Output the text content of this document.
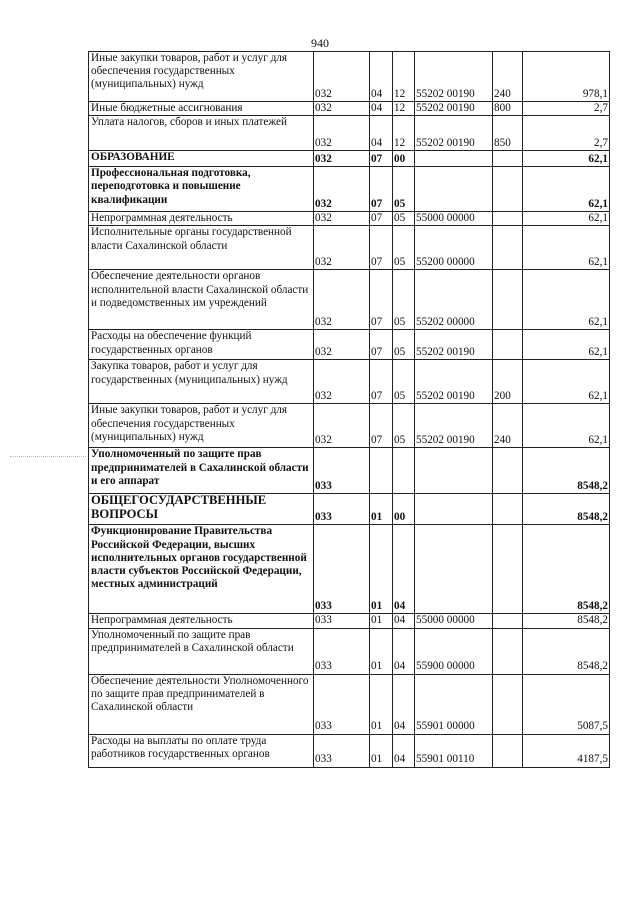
940
Иные закупки товаров, работ и услуг для обеспечения государственных (муниципальных) нужд	032	04	12	55202 00190	240	978,1
Иные бюджетные ассигнования	032	04	12	55202 00190	800	2,7
Уплата налогов, сборов и иных платежей	032	04	12	55202 00190	850	2,7
ОБРАЗОВАНИЕ	032	07	00			62,1
Профессиональная подготовка, переподготовка и повышение квалификации	032	07	05			62,1
Непрограммная деятельность	032	07	05	55000 00000		62,1
Исполнительные органы государственной власти Сахалинской области	032	07	05	55200 00000		62,1
Обеспечение деятельности органов исполнительной власти Сахалинской области и подведомственных им учреждений	032	07	05	55202 00000		62,1
Расходы на обеспечение функций государственных органов	032	07	05	55202 00190		62,1
Закупка товаров, работ и услуг для государственных (муниципальных) нужд	032	07	05	55202 00190	200	62,1
Иные закупки товаров, работ и услуг для обеспечения государственных (муниципальных) нужд	032	07	05	55202 00190	240	62,1
Уполномоченный по защите прав предпринимателей в Сахалинской области и его аппарат	033					8548,2
ОБЩЕГОСУДАРСТВЕННЫЕ ВОПРОСЫ	033	01	00			8548,2
Функционирование Правительства Российской Федерации, высших исполнительных органов государственной власти субъектов Российской Федерации, местных администраций	033	01	04			8548,2
Непрограммная деятельность	033	01	04	55000 00000		8548,2
Уполномоченный по защите прав предпринимателей в Сахалинской области	033	01	04	55900 00000		8548,2
Обеспечение деятельности Уполномоченного по защите прав предпринимателей в Сахалинской области	033	01	04	55901 00000		5087,5
Расходы на выплаты по оплате труда работников государственных органов	033	01	04	55901 00110		4187,5
